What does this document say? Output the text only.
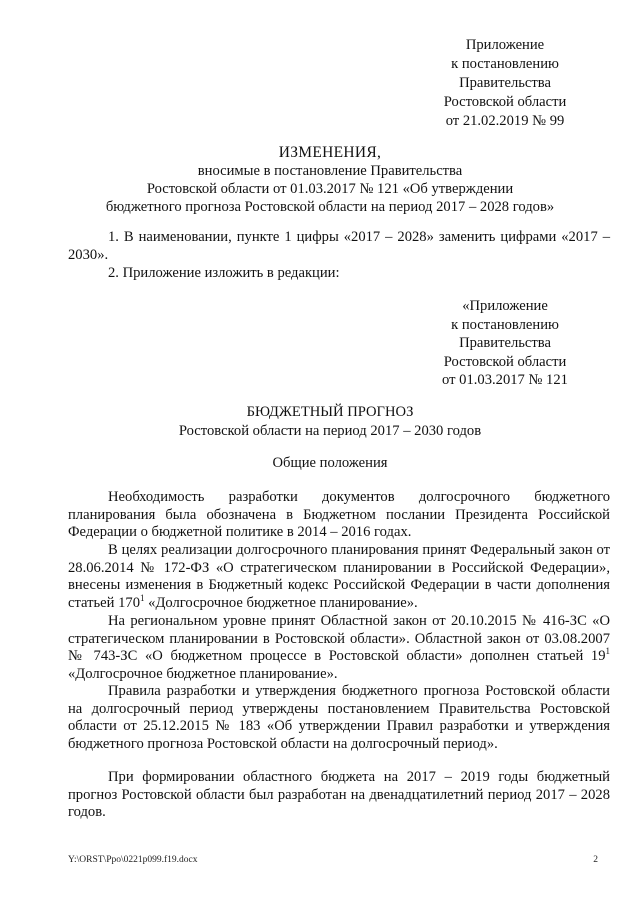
Приложение
к постановлению
Правительства
Ростовской области
от 21.02.2019 № 99
ИЗМЕНЕНИЯ,
вносимые в постановление Правительства
Ростовской области от 01.03.2017 № 121 «Об утверждении
бюджетного прогноза Ростовской области на период 2017 – 2028 годов»
1. В наименовании, пункте 1 цифры «2017 – 2028» заменить цифрами «2017 – 2030».
2. Приложение изложить в редакции:
«Приложение
к постановлению
Правительства
Ростовской области
от 01.03.2017 № 121
БЮДЖЕТНЫЙ ПРОГНОЗ
Ростовской области на период 2017 – 2030 годов
Общие положения
Необходимость разработки документов долгосрочного бюджетного планирования была обозначена в Бюджетном послании Президента Российской Федерации о бюджетной политике в 2014 – 2016 годах.
В целях реализации долгосрочного планирования принят Федеральный закон от 28.06.2014 № 172-ФЗ «О стратегическом планировании в Российской Федерации», внесены изменения в Бюджетный кодекс Российской Федерации в части дополнения статьей $170^1$ «Долгосрочное бюджетное планирование».
На региональном уровне принят Областной закон от 20.10.2015 № 416-ЗС «О стратегическом планировании в Ростовской области». Областной закон от 03.08.2007 № 743-ЗС «О бюджетном процессе в Ростовской области» дополнен статьей $19^1$ «Долгосрочное бюджетное планирование».
Правила разработки и утверждения бюджетного прогноза Ростовской области на долгосрочный период утверждены постановлением Правительства Ростовской области от 25.12.2015 № 183 «Об утверждении Правил разработки и утверждения бюджетного прогноза Ростовской области на долгосрочный период».
При формировании областного бюджета на 2017 – 2019 годы бюджетный прогноз Ростовской области был разработан на двенадцатилетний период 2017 – 2028 годов.
Y:\ORST\Ppo\0221p099.f19.docx	2
